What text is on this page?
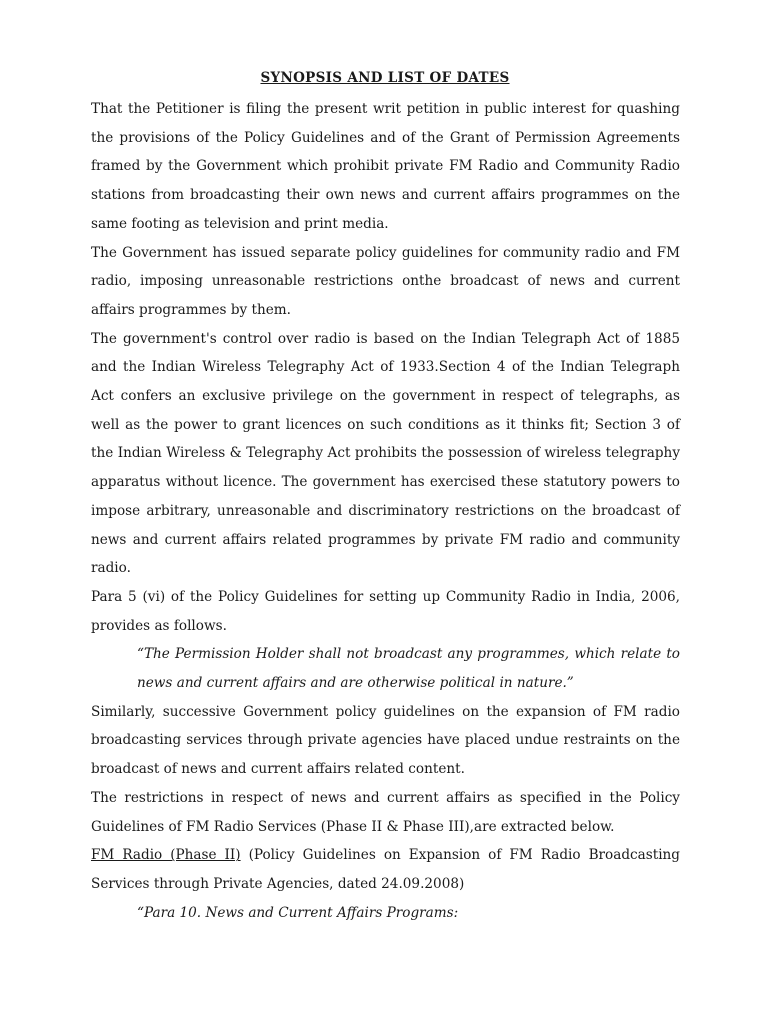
SYNOPSIS AND LIST OF DATES

That the Petitioner is filing the present writ petition in public interest for quashing the provisions of the Policy Guidelines and of the Grant of Permission Agreements framed by the Government which prohibit private FM Radio and Community Radio stations from broadcasting their own news and current affairs programmes on the same footing as television and print media.

The Government has issued separate policy guidelines for community radio and FM radio, imposing unreasonable restrictions onthe broadcast of news and current affairs programmes by them.

The government's control over radio is based on the Indian Telegraph Act of 1885 and the Indian Wireless Telegraphy Act of 1933.Section 4 of the Indian Telegraph Act confers an exclusive privilege on the government in respect of telegraphs, as well as the power to grant licences on such conditions as it thinks fit; Section 3 of the Indian Wireless & Telegraphy Act prohibits the possession of wireless telegraphy apparatus without licence. The government has exercised these statutory powers to impose arbitrary, unreasonable and discriminatory restrictions on the broadcast of news and current affairs related programmes by private FM radio and community radio.

Para 5 (vi) of the Policy Guidelines for setting up Community Radio in India, 2006, provides as follows.

“The Permission Holder shall not broadcast any programmes, which relate to news and current affairs and are otherwise political in nature.”

Similarly, successive Government policy guidelines on the expansion of FM radio broadcasting services through private agencies have placed undue restraints on the broadcast of news and current affairs related content.

The restrictions in respect of news and current affairs as specified in the Policy Guidelines of FM Radio Services (Phase II & Phase III),are extracted below.

FM Radio (Phase II) (Policy Guidelines on Expansion of FM Radio Broadcasting Services through Private Agencies, dated 24.09.2008)

“Para 10. News and Current Affairs Programs:
